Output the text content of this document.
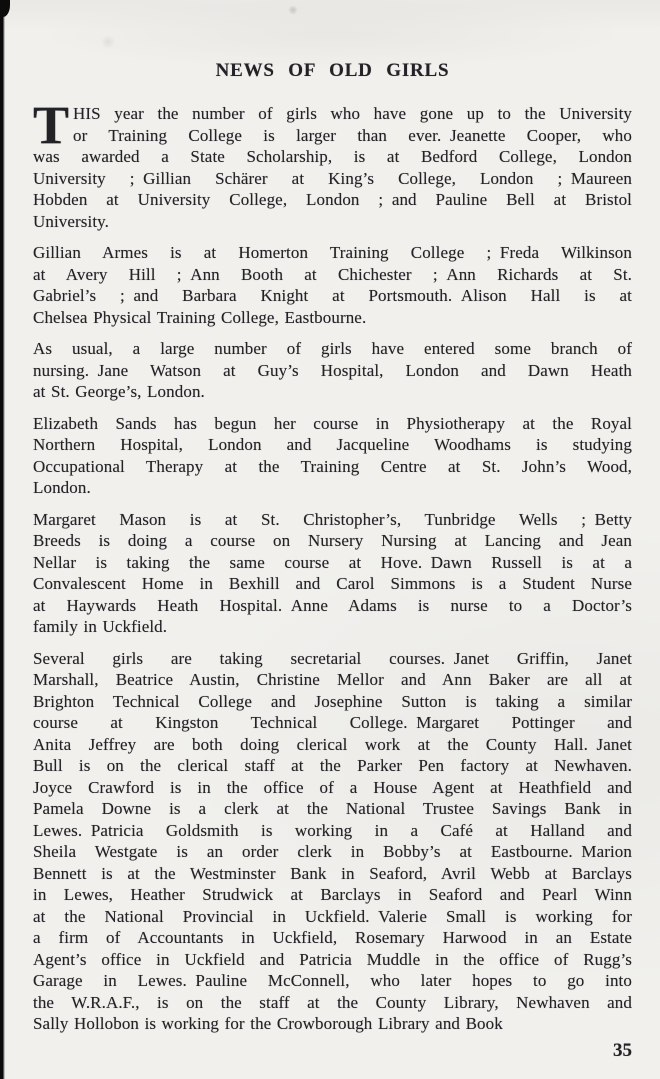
NEWS OF OLD GIRLS
T HIS year the number of girls who have gone up to the University
or Training College is larger than ever. Jeanette Cooper, who
was awarded a State Scholarship, is at Bedford College, London
University ; Gillian Schärer at King’s College, London ; Maureen
Hobden at University College, London ; and Pauline Bell at Bristol
University.
Gillian Armes is at Homerton Training College ; Freda Wilkinson
at Avery Hill ; Ann Booth at Chichester ; Ann Richards at St.
Gabriel’s ; and Barbara Knight at Portsmouth. Alison Hall is at
Chelsea Physical Training College, Eastbourne.
As usual, a large number of girls have entered some branch of
nursing. Jane Watson at Guy’s Hospital, London and Dawn Heath
at St. George’s, London.
Elizabeth Sands has begun her course in Physiotherapy at the Royal
Northern Hospital, London and Jacqueline Woodhams is studying
Occupational Therapy at the Training Centre at St. John’s Wood,
London.
Margaret Mason is at St. Christopher’s, Tunbridge Wells ; Betty
Breeds is doing a course on Nursery Nursing at Lancing and Jean
Nellar is taking the same course at Hove. Dawn Russell is at a
Convalescent Home in Bexhill and Carol Simmons is a Student Nurse
at Haywards Heath Hospital. Anne Adams is nurse to a Doctor’s
family in Uckfield.
Several girls are taking secretarial courses. Janet Griffin, Janet
Marshall, Beatrice Austin, Christine Mellor and Ann Baker are all at
Brighton Technical College and Josephine Sutton is taking a similar
course at Kingston Technical College. Margaret Pottinger and
Anita Jeffrey are both doing clerical work at the County Hall. Janet
Bull is on the clerical staff at the Parker Pen factory at Newhaven.
Joyce Crawford is in the office of a House Agent at Heathfield and
Pamela Downe is a clerk at the National Trustee Savings Bank in
Lewes. Patricia Goldsmith is working in a Café at Halland and
Sheila Westgate is an order clerk in Bobby’s at Eastbourne. Marion
Bennett is at the Westminster Bank in Seaford, Avril Webb at Barclays
in Lewes, Heather Strudwick at Barclays in Seaford and Pearl Winn
at the National Provincial in Uckfield. Valerie Small is working for
a firm of Accountants in Uckfield, Rosemary Harwood in an Estate
Agent’s office in Uckfield and Patricia Muddle in the office of Rugg’s
Garage in Lewes. Pauline McConnell, who later hopes to go into
the W.R.A.F., is on the staff at the County Library, Newhaven and
Sally Hollobon is working for the Crowborough Library and Book
35
